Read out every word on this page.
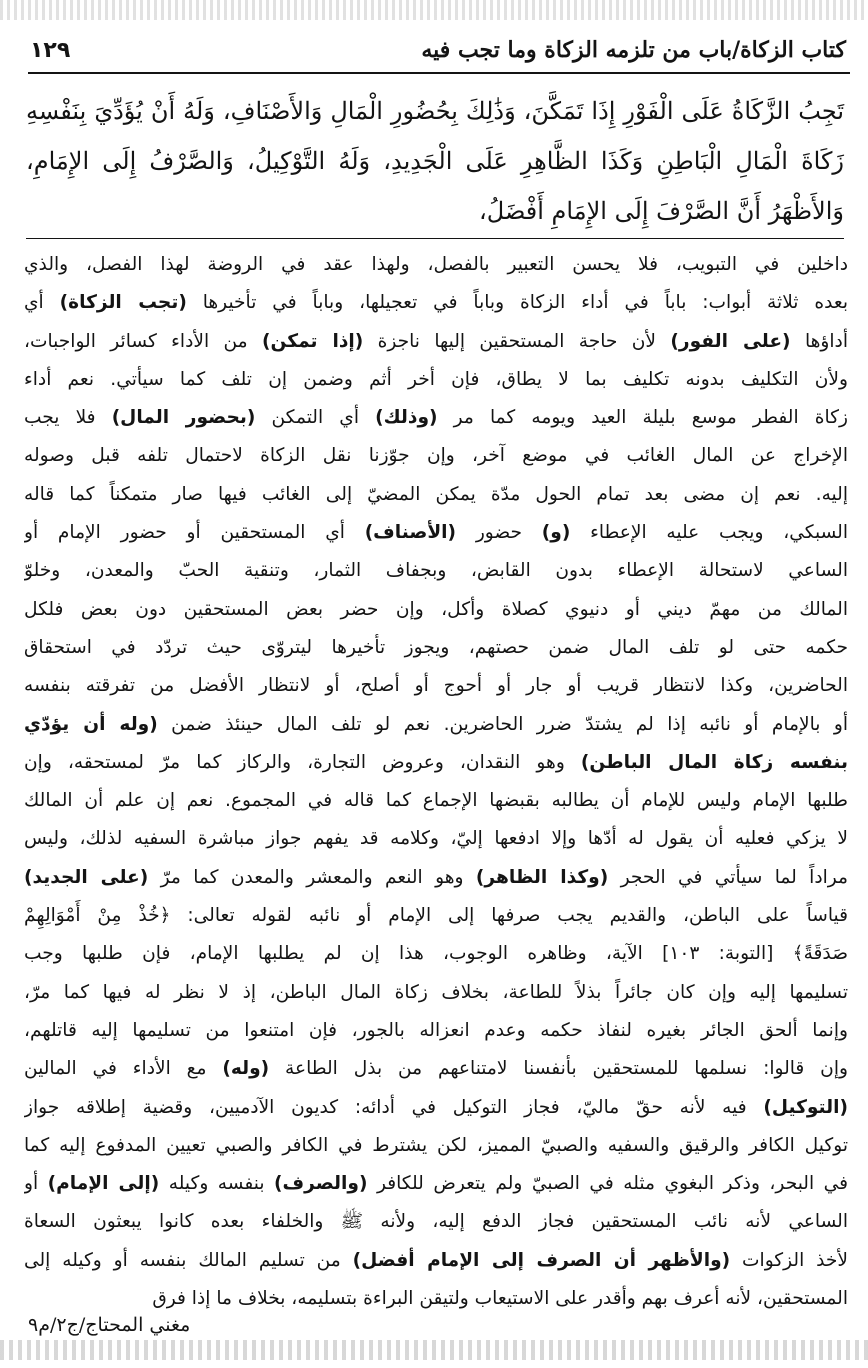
كتاب الزكاة/باب من تلزمه الزكاة وما تجب فيه
١٢٩
تَجِبُ الزَّكَاةُ عَلَى الْفَوْرِ إِذَا تَمَكَّنَ، وَذَٰلِكَ بِحُضُورِ الْمَالِ وَالأَصْنَافِ، وَلَهُ أَنْ يُؤَدِّيَ بِنَفْسِهِ زَكَاةَ الْمَالِ الْبَاطِنِ وَكَذَا الظَّاهِرِ عَلَى الْجَدِيدِ، وَلَهُ التَّوْكِيلُ، وَالصَّرْفُ إِلَى الإِمَامِ، وَالأَظْهَرُ أَنَّ الصَّرْفَ إِلَى الإِمَامِ أَفْضَلُ،
داخلين في التبويب، فلا يحسن التعبير بالفصل، ولهذا عقد في الروضة لهذا الفصل، والذي
بعده ثلاثة أبواب: باباً في أداء الزكاة وباباً في تعجيلها، وباباً في تأخيرها (تجب الزكاة) أي
أداؤها (على الفور) لأن حاجة المستحقين إليها ناجزة (إذا تمكن) من الأداء كسائر الواجبات،
ولأن التكليف بدونه تكليف بما لا يطاق، فإن أخر أثم وضمن إن تلف كما سيأتي. نعم أداء
زكاة الفطر موسع بليلة العيد ويومه كما مر (وذلك) أي التمكن (بحضور المال) فلا يجب
الإخراج عن المال الغائب في موضع آخر، وإن جوّزنا نقل الزكاة لاحتمال تلفه قبل وصوله
إليه. نعم إن مضى بعد تمام الحول مدّة يمكن المضيّ إلى الغائب فيها صار متمكناً كما قاله
السبكي، ويجب عليه الإعطاء (و) حضور (الأصناف) أي المستحقين أو حضور الإمام أو
الساعي لاستحالة الإعطاء بدون القابض، وبجفاف الثمار، وتنقية الحبّ والمعدن، وخلوّ
المالك من مهمّ ديني أو دنيوي كصلاة وأكل، وإن حضر بعض المستحقين دون بعض فلكل
حكمه حتى لو تلف المال ضمن حصتهم، ويجوز تأخيرها ليتروّى حيث تردّد في استحقاق
الحاضرين، وكذا لانتظار قريب أو جار أو أحوج أو أصلح، أو لانتظار الأفضل من تفرقته بنفسه
أو بالإمام أو نائبه إذا لم يشتدّ ضرر الحاضرين. نعم لو تلف المال حينئذ ضمن (وله أن يؤدّي
بنفسه زكاة المال الباطن) وهو النقدان، وعروض التجارة، والركاز كما مرّ لمستحقه، وإن
طلبها الإمام وليس للإمام أن يطالبه بقبضها الإجماع كما قاله في المجموع. نعم إن علم أن المالك
لا يزكي فعليه أن يقول له أدّها وإلا ادفعها إليّ، وكلامه قد يفهم جواز مباشرة السفيه لذلك، وليس
مراداً لما سيأتي في الحجر (وكذا الظاهر) وهو النعم والمعشر والمعدن كما مرّ (على الجديد)
قياساً على الباطن، والقديم يجب صرفها إلى الإمام أو نائبه لقوله تعالى: ﴿خُذْ مِنْ أَمْوَالِهِمْ
صَدَقَةً﴾ [التوبة: ١٠٣] الآية، وظاهره الوجوب، هذا إن لم يطلبها الإمام، فإن طلبها وجب
تسليمها إليه وإن كان جائراً بذلاً للطاعة، بخلاف زكاة المال الباطن، إذ لا نظر له فيها كما مرّ،
وإنما ألحق الجائر بغيره لنفاذ حكمه وعدم انعزاله بالجور، فإن امتنعوا من تسليمها إليه قاتلهم،
وإن قالوا: نسلمها للمستحقين بأنفسنا لامتناعهم من بذل الطاعة (وله) مع الأداء في المالين
(التوكيل) فيه لأنه حقّ ماليّ، فجاز التوكيل في أدائه: كديون الآدميين، وقضية إطلاقه جواز
توكيل الكافر والرقيق والسفيه والصبيّ المميز، لكن يشترط في الكافر والصبي تعيين المدفوع إليه كما
في البحر، وذكر البغوي مثله في الصبيّ ولم يتعرض للكافر (والصرف) بنفسه وكيله (إلى الإمام) أو
الساعي لأنه نائب المستحقين فجاز الدفع إليه، ولأنه ﷺ والخلفاء بعده كانوا يبعثون السعاة
لأخذ الزكوات (والأظهر أن الصرف إلى الإمام أفضل) من تسليم المالك بنفسه أو وكيله إلى
المستحقين، لأنه أعرف بهم وأقدر على الاستيعاب ولتيقن البراءة بتسليمه، بخلاف ما إذا فرق
مغني المحتاج/ج٢/م٩
